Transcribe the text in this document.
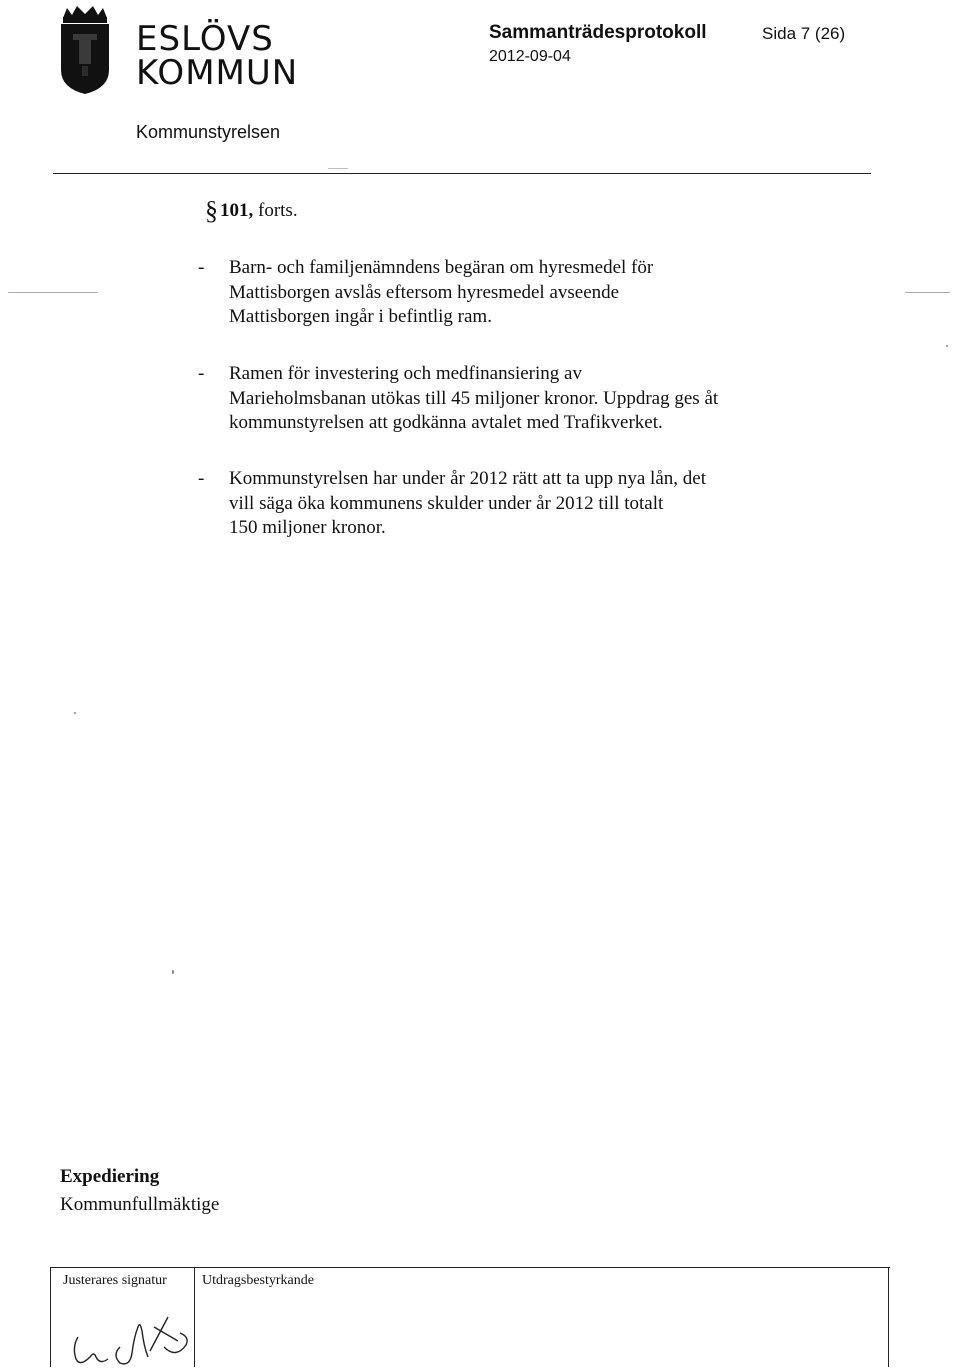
ESLÖVS
KOMMUN
Sammanträdesprotokoll	Sida 7 (26)
2012-09-04
Kommunstyrelsen
§ 101, forts.
- Barn- och familjenämndens begäran om hyresmedel för
Mattisborgen avslås eftersom hyresmedel avseende
Mattisborgen ingår i befintlig ram.
- Ramen för investering och medfinansiering av
Marieholmsbanan utökas till 45 miljoner kronor. Uppdrag ges åt
kommunstyrelsen att godkänna avtalet med Trafikverket.
- Kommunstyrelsen har under år 2012 rätt att ta upp nya lån, det
vill säga öka kommunens skulder under år 2012 till totalt
150 miljoner kronor.
Expediering
Kommunfullmäktige
Justerares signatur	Utdragsbestyrkande
